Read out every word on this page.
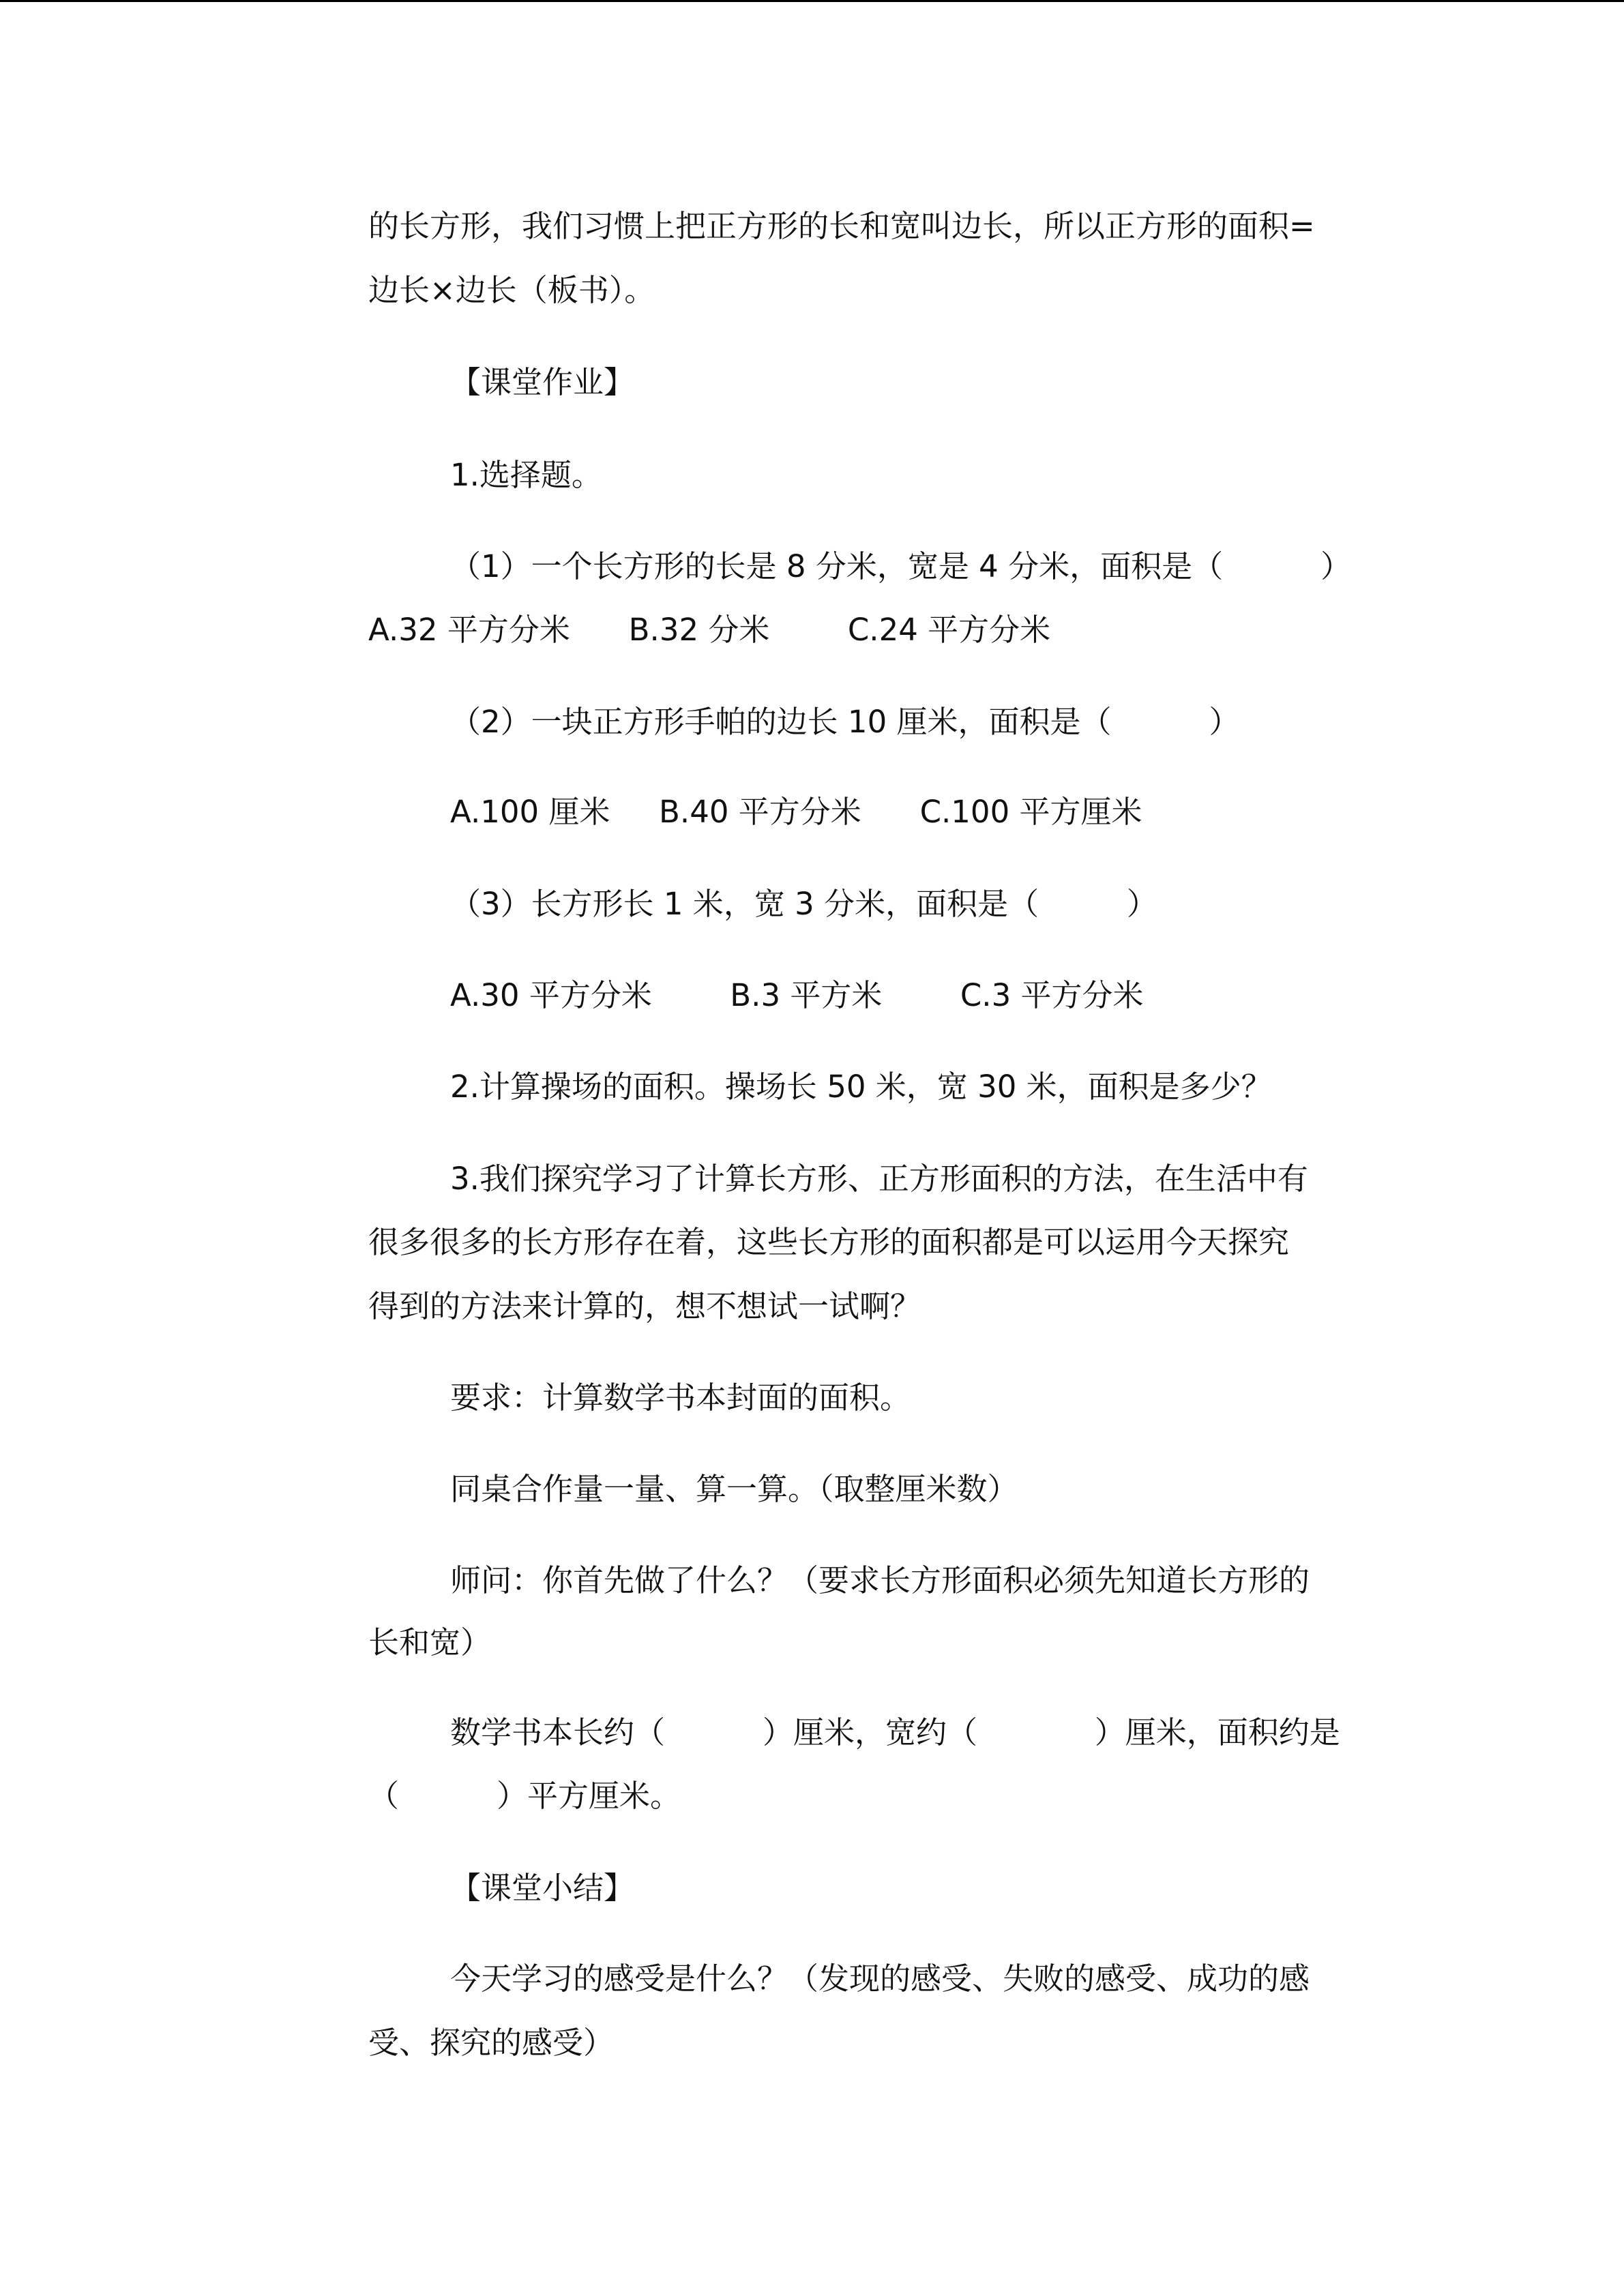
的长方形，我们习惯上把正方形的长和宽叫边长，所以正方形的面积=

边长×边长（板书）。

【课堂作业】

1.选择题。

（1）一个长方形的长是 8 分米，宽是 4 分米，面积是（          ）

A.32 平方分米      B.32 分米        C.24 平方分米

（2）一块正方形手帕的边长 10 厘米，面积是（          ）

A.100 厘米     B.40 平方分米      C.100 平方厘米

（3）长方形长 1 米，宽 3 分米，面积是（         ）

A.30 平方分米        B.3 平方米        C.3 平方分米

2.计算操场的面积。操场长 50 米，宽 30 米，面积是多少？

3.我们探究学习了计算长方形、正方形面积的方法，在生活中有

很多很多的长方形存在着，这些长方形的面积都是可以运用今天探究

得到的方法来计算的，想不想试一试啊？

要求：计算数学书本封面的面积。

同桌合作量一量、算一算。（取整厘米数）

师问：你首先做了什么？（要求长方形面积必须先知道长方形的

长和宽）

数学书本长约（          ）厘米，宽约（            ）厘米，面积约是

（          ）平方厘米。

【课堂小结】

今天学习的感受是什么？（发现的感受、失败的感受、成功的感

受、探究的感受）
